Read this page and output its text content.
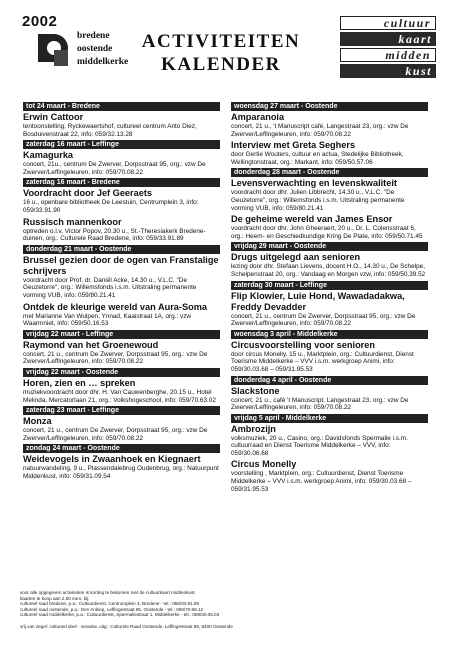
2002
bredene
oostende
middelkerke
ACTIVITEITEN
KALENDER
cultuur
kaart
midden
kust
tot 24 maart - Bredene
Erwin Cattoor
tentoonstelling, Ryckewaertshof, cultureel centrum Anto Diez, Bosduivenstraat 22, info: 059/32.13.28
zaterdag 16 maart - Leffinge
Kamagurka
concert, 21u., centrum De Zwerver, Dorpsstraat 95, org.: vzw De Zwerver/Leffingeleuren, info: 059/70.08.22
zaterdag 16 maart - Bredene
Voordracht door Jef Geeraets
16 u., openbare bibliotheek De Leestuin, Centrumplein 3, info: 059/33.91.90
Russisch mannenkoor
optreden o.l.v. Victor Popov, 20.30 u., St.-Theresiakerk Bredene-duinen, org.: Culturele Raad Bredene, info: 059/33.91.89
donderdag 21 maart - Oostende
Brussel gezien door de ogen van Franstalige schrijvers
voordracht door Prof. dr. Daniël Acke, 14.30 u., V.L.C. "De Geuzetorre", org.: Willemsfonds i.s.m. Uitstraling permanente vorming VUB, info: 059/80.21.41
Ontdek de kleurige wereld van Aura-Soma
met Marianne Van Wulpen, Ynnad, Kaaistraat 1A, org.: vzw Waarmniet, info: 059/50.16.53
vrijdag 22 maart - Leffinge
Raymond van het Groenewoud
concert, 21 u., centrum De Zwerver, Dorpsstraat 95, org.: vzw De Zwerver/Leffingeleuren, info: 059/70.08.22
vrijdag 22 maart - Oostende
Horen, zien en … spreken
muziekvoordracht door dhr. H. Van Cauwenberghe, 20.15 u., Hotel Melinda, Mercatorlaan 21, org.: Volkshogeschool, info: 059/70.63.02
zaterdag 23 maart - Leffinge
Monza
concert, 21 u., centrum De Zwerver, Dorpsstraat 95, org.: vzw De Zwerver/Leffingeleuren, info: 059/70.08.22
zondag 24 maart - Oostende
Weidevogels in Zwaanhoek en Kiegnaert
natuurwandeling, 9 u., Plassendalebrug Oudenbrug, org.: Natuurpunt Middenkust, info: 059/31.09.54
woensdag 27 maart - Oostende
Amparanoia
concert, 21 u., 't Manuscript café, Langestraat 23, org.: vzw De Zwerver/Leffingeleuren, info: 059/70.08.22
Interview met Greta Seghers
door Gertie Wouters, cultuur en actua, Stedelijke Bibliotheek, Wellingtonstraat, org.: Markant, info: 059/50.57.06
donderdag 28 maart - Oostende
Levensverwachting en levenskwaliteit
voordracht door dhr. Julien Libbrecht, 14.30 u., V.L.C. "De Geuzetorre", org.: Willemsfonds i.s.m. Uitstraling permanente vorming VUB, info: 059/80.21.41
De geheime wereld van James Ensor
voordracht door dhr. John Gheeraert, 20 u., Dr. L. Colensstraat 6, org.: Heem- en Geschiedkundige Kring De Plate, info: 059/50.71.45
vrijdag 29 maart - Oostende
Drugs uitgelegd aan senioren
lezing door dhr. Stefaan Lievens, docent H.O., 14.30 u., De Schelpe, Schelpenstraat 20, org.: Vandaag en Morgen vzw, info: 059/50.39.52
zaterdag 30 maart - Leffinge
Flip Klowier, Luie Hond, Wawadadakwa, Freddy Devadder
concert, 21 u., centrum De Zwerver, Dorpsstraat 95, org.: vzw De Zwerver/Leffingeleuren, info: 059/70.08.22
woensdag 3 april - Middelkerke
Circusvoorstelling voor senioren
door circus Monelly, 15 u., Marktplein, org.: Cultuurdienst, Dienst Toerisme Middelkerke – VVV i.s.m. werkgroep Animi, info: 059/30.03.68 – 059/31.95.53
donderdag 4 april - Oostende
Slackstone
concert, 21 u., café 't Manuscript, Langestraat 23, org.: vzw De Zwerver/Leffingeleuren, info: 059/70.08.22
vrijdag 5 april - Middelkerke
Ambrozijn
volksmuziek, 20 u., Casino, org.: Davidsfonds Spermalie i.s.m. cultuurraad en Dienst Toerisme Middelkerke – VVV, info: 059/30.06.68
Circus Monelly
voorstelling , Marktplein, org.: Cultuurdienst, Dienst Toerisme Middelkerke – VVV i.s.m. werkgroep Animi, info: 059/30.03.68 – 059/31.95.53
voor alle opgegeven activiteiten is korting te bekomen met de cultuurkaart middenkust
kaarten te koop aan 2,50 euro, bij
cultureel raad bredene, p.a.: Cultuurdienst, Centrumplein 3, Bredene - tel.: 059/33.91.89
cultureel raad oostende, p.a.: Den Ankiep, Leffingestraat 85, Oostende - tel.: 059/70.88.12
cultureel raad middelkerke, p.a.: Cultuurdienst, Spermaliestraat 1, Middelkerke - tel.: 059/30.06.03
vrij van zegel: cultureel doel · verantw. uitg.: Culturele Raad Oostende, Leffingestraat 85, 8400 Oostende
